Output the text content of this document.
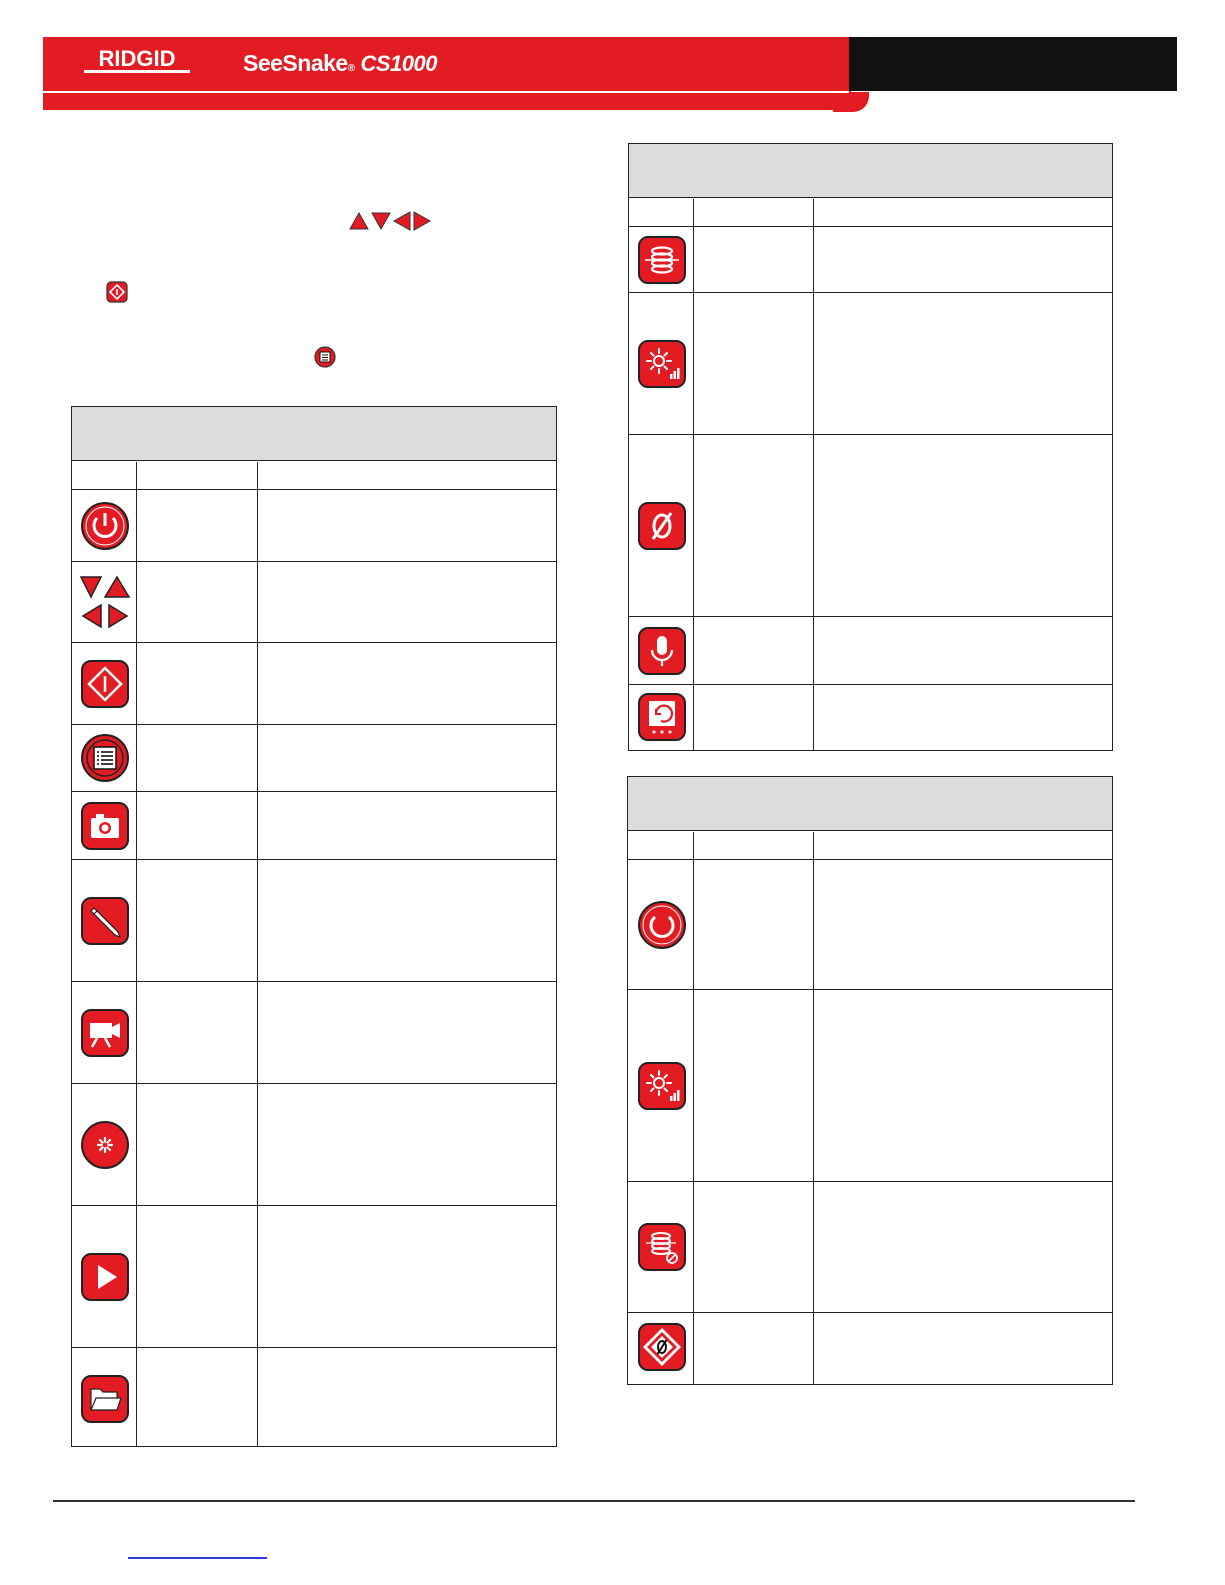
RIDGID	SeeSnake® CS1000
